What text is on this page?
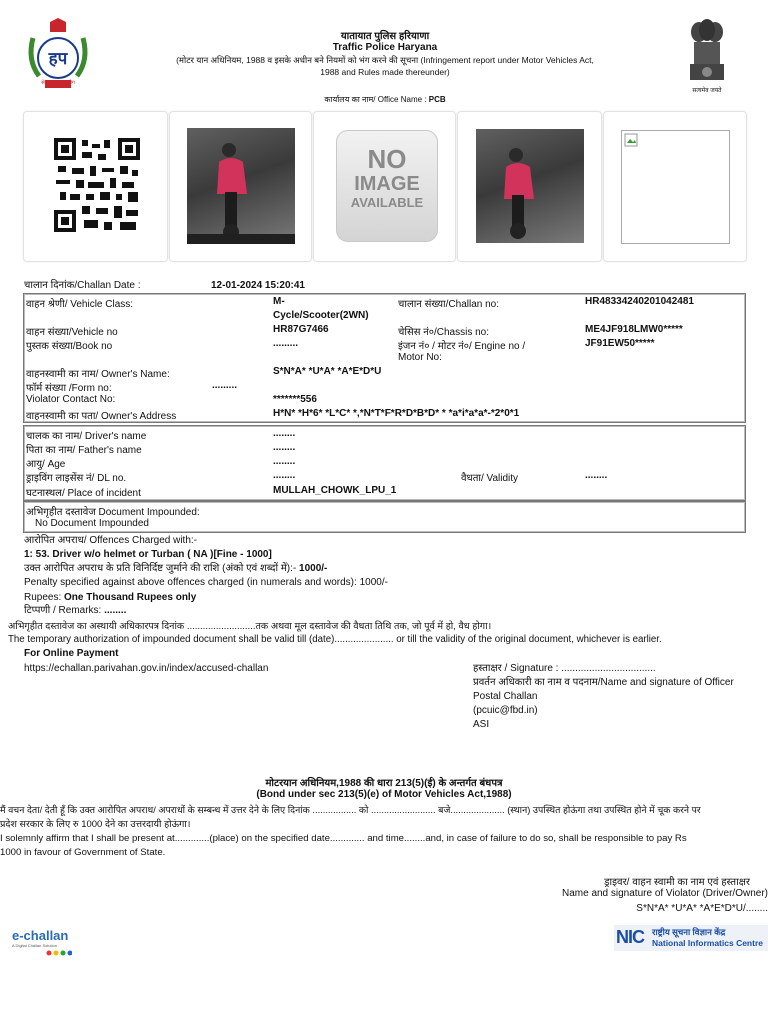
हप
सेवा सुरक्षा सहयोग
यातायात पुलिस हरियाणा
Traffic Police Haryana
(मोटर यान अधिनियम, 1988 व इसके अधीन बने नियमों को भंग करने की सूचना (Infringement report under Motor Vehicles Act,
1988 and Rules made thereunder)
कार्यालय का नाम/ Office Name : PCB
सत्यमेव जयते
NO
IMAGE
AVAILABLE
चालान दिनांक/Challan Date :	12-01-2024 15:20:41
वाहन श्रेणी/ Vehicle Class:	M-
Cycle/Scooter(2WN)
चालान संख्या/Challan no:	HR48334240201042481
वाहन संख्या/Vehicle no	HR87G7466	चेसिस नं०/Chassis no:	ME4JF918LMW0*****
पुस्तक संख्या/Book no	.........	इंजन नं० / मोटर नं०/ Engine no /
Motor No:
JF91EW50*****
वाहनस्वामी का नाम/ Owner's Name:	S*N*A* *U*A* *A*E*D*U
फॉर्म संख्या /Form no:	.........
Violator Contact No:	*******556
वाहनस्वामी का पता/ Owner's Address	H*N* *H*6* *L*C* *,*N*T*F*R*D*B*D* * *a*i*a*a*-*2*0*1
चालक का नाम/ Driver's name	........
पिता का नाम/ Father's name	........
आयु/ Age	........
ड्राइविंग लाइसेंस नं/ DL no.	........	वैधता/ Validity	........
घटनास्थल/ Place of incident	MULLAH_CHOWK_LPU_1
अभिगृहीत दस्तावेज Document Impounded:
No Document Impounded
आरोपित अपराध/ Offences Charged with:-
1: 53. Driver w/o helmet or Turban ( NA )[Fine - 1000]
उक्त आरोपित अपराध के प्रति विनिर्दिष्ट जुर्माने की राशि (अंको एवं शब्दों में):- 1000/-
Penalty specified against above offences charged (in numerals and words): 1000/-
Rupees: One Thousand Rupees only
टिप्पणी / Remarks: ........
अभिगृहीत दस्तावेज का अस्थायी अधिकारपत्र दिनांक ..........................तक अथवा मूल दस्तावेज की वैधता तिथि तक, जो पूर्व में हो, वैध होगा।
The temporary authorization of impounded document shall be valid till (date)...................... or till the validity of the original document, whichever is earlier.
For Online Payment
https://echallan.parivahan.gov.in/index/accused-challan	हस्ताक्षर / Signature : ..................................
प्रवर्तन अधिकारी का नाम व पदनाम/Name and signature of Officer
Postal Challan
(pcuic@fbd.in)
ASI
मोटरयान अधिनियम,1988 की धारा 213(5)(ई) के अन्तर्गत बंधपत्र
(Bond under sec 213(5)(e) of Motor Vehicles Act,1988)
मैं वचन देता/ देती हूँ कि उक्त आरोपित अपराध/ अपराधों के सम्बन्ध में उत्तर देने के लिए दिनांक ................. को ......................... बजे..................... (स्थान) उपस्थित होऊंगा तथा उपस्थित होने में चूक करने पर
प्रदेश सरकार के लिए रु 1000 देने का उत्तरदायी होऊंगा।
I solemnly affirm that I shall be present at.............(place) on the specified date............. and time........and, in case of failure to do so, shall be responsible to pay Rs
1000 in favour of Government of State.
ड्राइवर/ वाहन स्वामी का नाम एवं हस्ताक्षर
Name and signature of Violator (Driver/Owner)
S*N*A* *U*A* *A*E*D*U/........
e-challan
A Digital Challan Solution	NIC राष्ट्रीय सूचना विज्ञान केंद्र
National Informatics Centre
